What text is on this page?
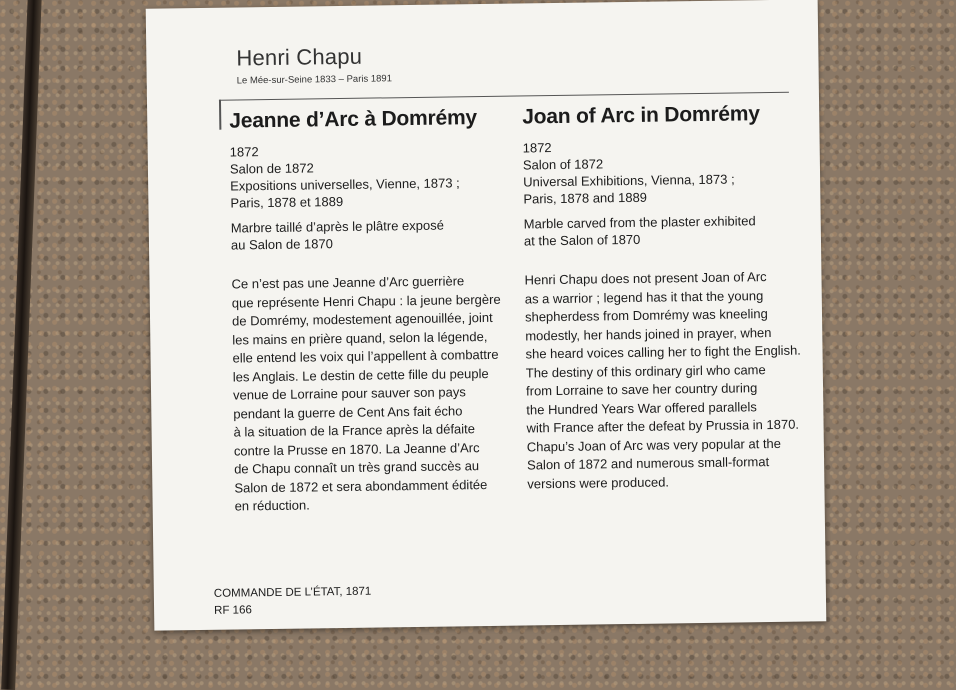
Henri Chapu
Le Mée-sur-Seine 1833 – Paris 1891
Jeanne d’Arc à Domrémy

1872

Salon de 1872

Expositions universelles, Vienne, 1873 ;

Paris, 1878 et 1889

Marbre taillé d’après le plâtre exposé

au Salon de 1870

Ce n’est pas une Jeanne d’Arc guerrière

que représente Henri Chapu : la jeune bergère

de Domrémy, modestement agenouillée, joint

les mains en prière quand, selon la légende,

elle entend les voix qui l’appellent à combattre

les Anglais. Le destin de cette fille du peuple

venue de Lorraine pour sauver son pays

pendant la guerre de Cent Ans fait écho

à la situation de la France après la défaite

contre la Prusse en 1870. La Jeanne d’Arc

de Chapu connaît un très grand succès au

Salon de 1872 et sera abondamment éditée

en réduction.

Joan of Arc in Domrémy

1872

Salon of 1872

Universal Exhibitions, Vienna, 1873 ;

Paris, 1878 and 1889

Marble carved from the plaster exhibited

at the Salon of 1870

Henri Chapu does not present Joan of Arc

as a warrior ; legend has it that the young

shepherdess from Domrémy was kneeling

modestly, her hands joined in prayer, when

she heard voices calling her to fight the English.

The destiny of this ordinary girl who came

from Lorraine to save her country during

the Hundred Years War offered parallels

with France after the defeat by Prussia in 1870.

Chapu’s Joan of Arc was very popular at the

Salon of 1872 and numerous small-format

versions were produced.

COMMANDE DE L’ÉTAT, 1871

RF 166
